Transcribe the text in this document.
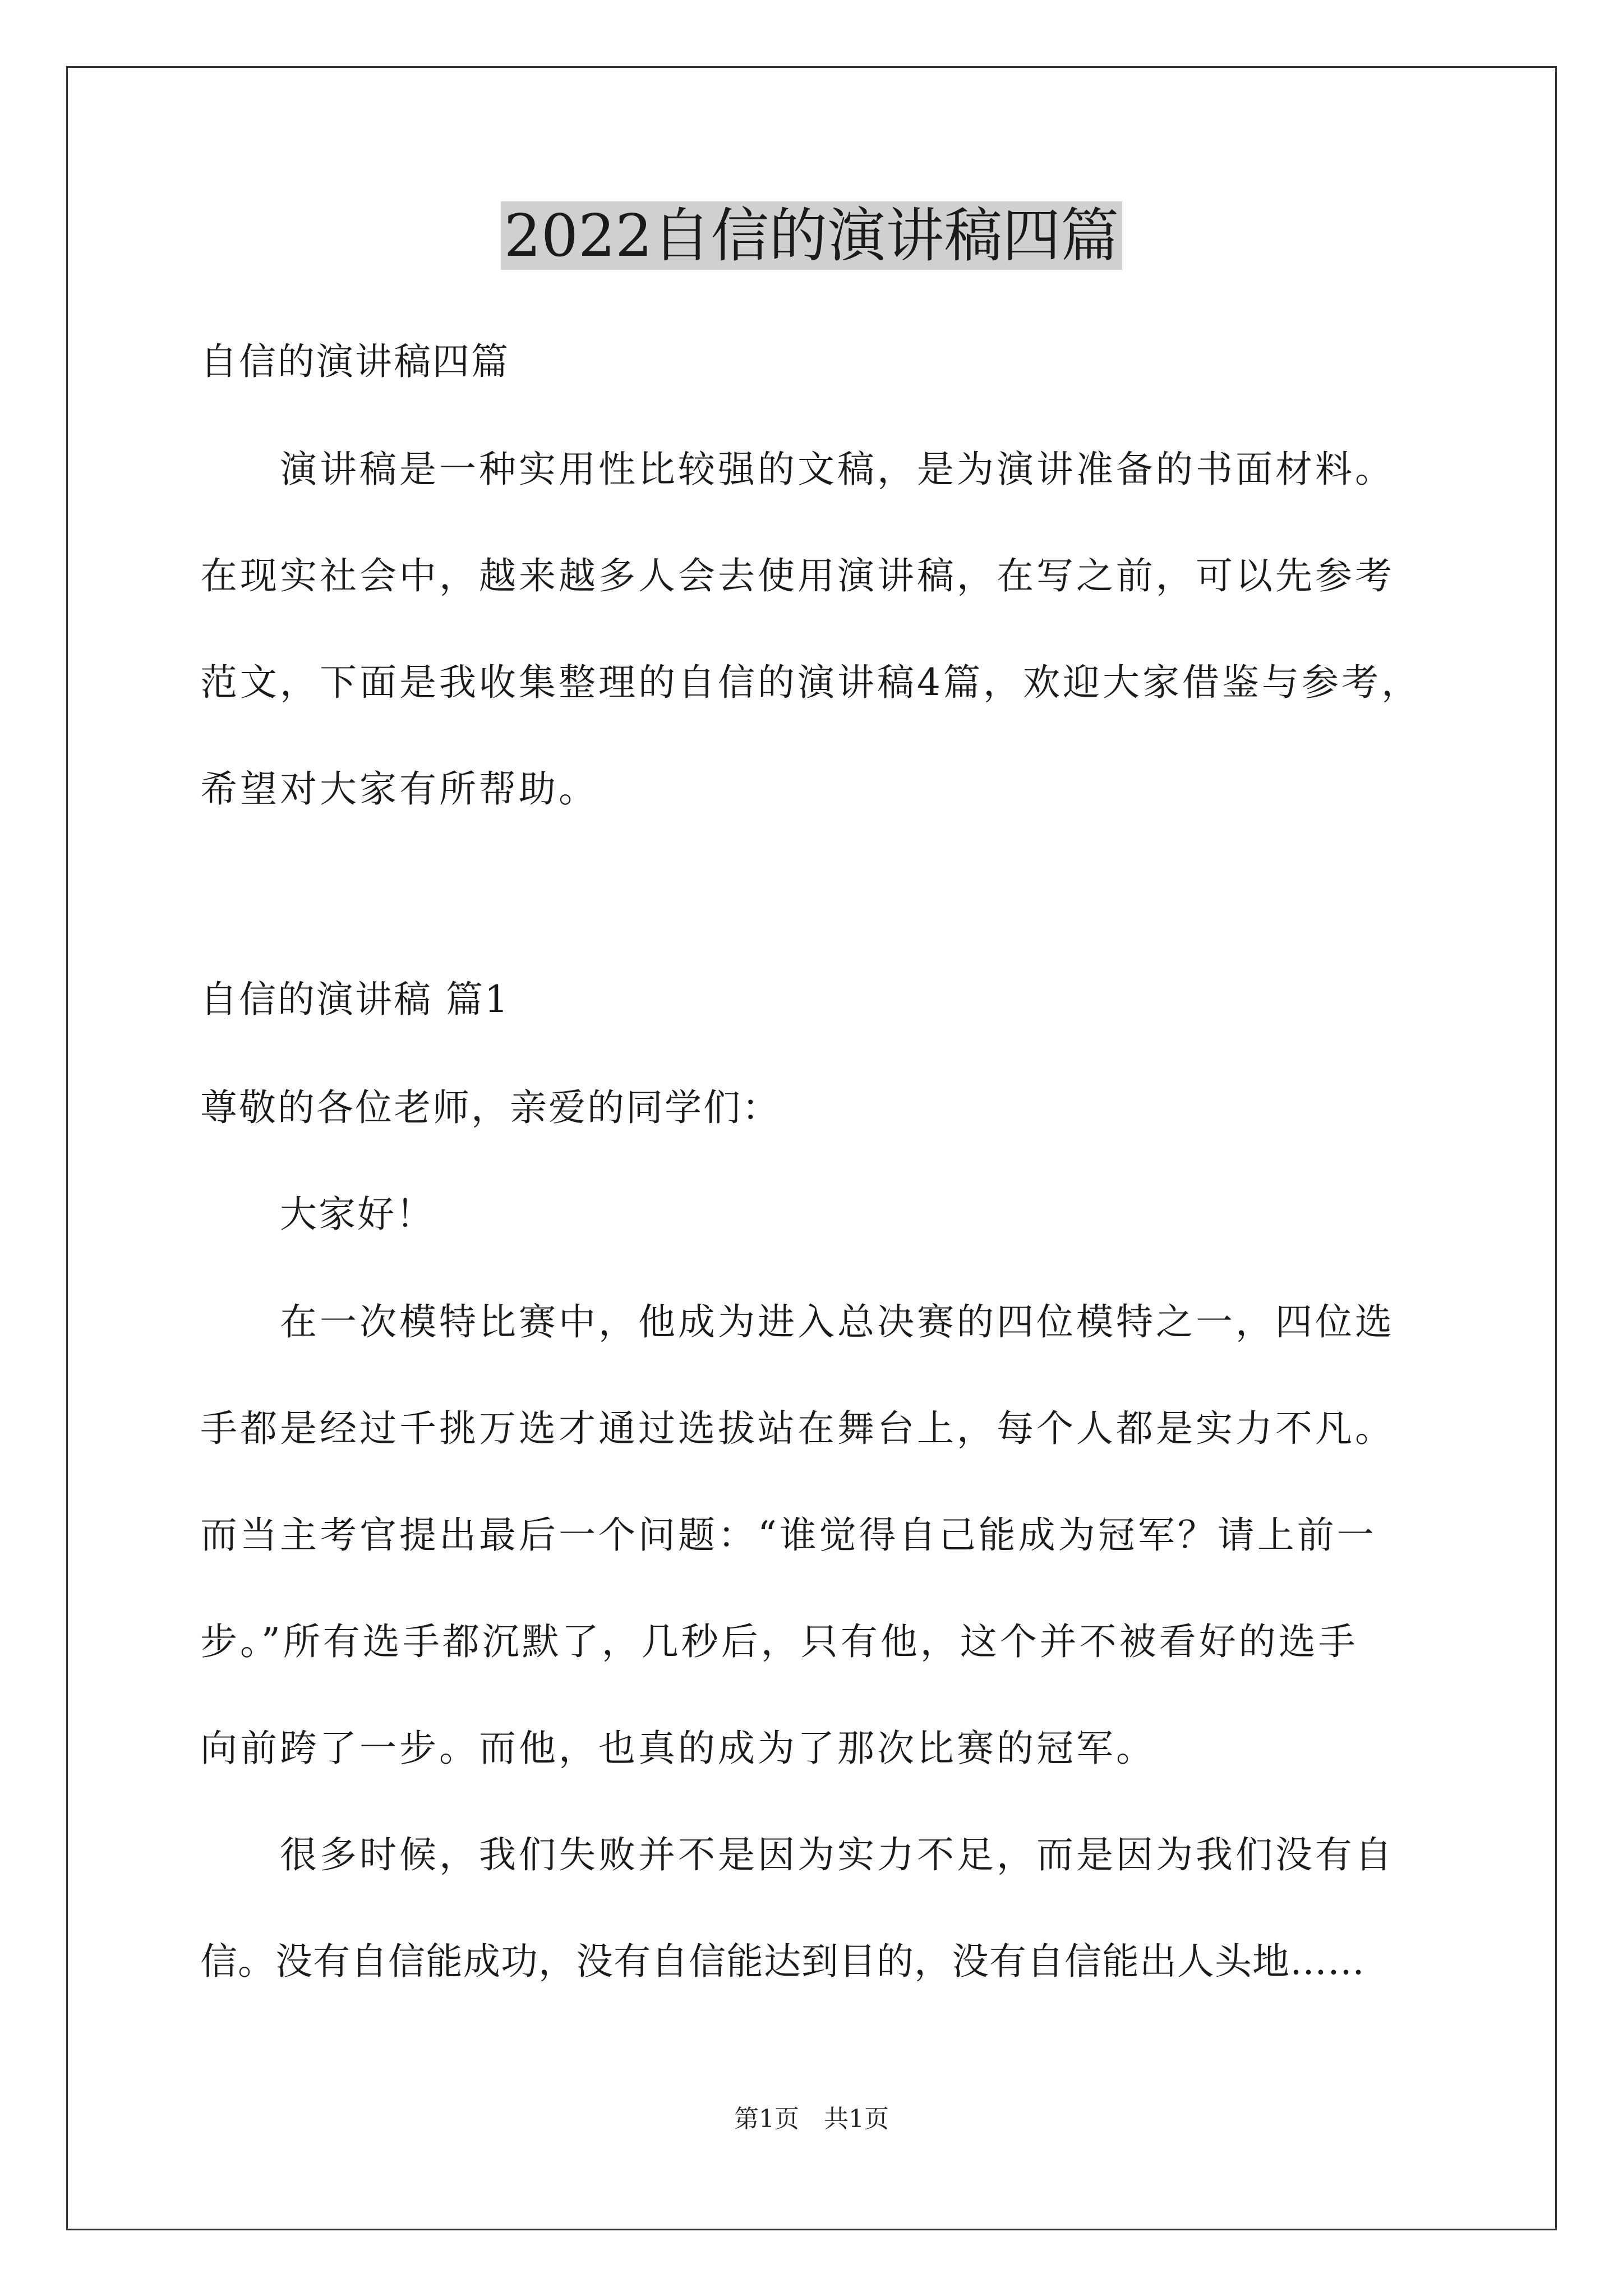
2022自信的演讲稿四篇
自信的演讲稿四篇
演讲稿是一种实用性比较强的文稿，是为演讲准备的书面材料。
在现实社会中，越来越多人会去使用演讲稿，在写之前，可以先参考
范文，下面是我收集整理的自信的演讲稿4篇，欢迎大家借鉴与参考，
希望对大家有所帮助。
自信的演讲稿 篇1
尊敬的各位老师，亲爱的同学们：
大家好！
在一次模特比赛中，他成为进入总决赛的四位模特之一，四位选
手都是经过千挑万选才通过选拔站在舞台上，每个人都是实力不凡。
而当主考官提出最后一个问题：“谁觉得自己能成为冠军？请上前一
步。”所有选手都沉默了，几秒后，只有他，这个并不被看好的选手
向前跨了一步。而他，也真的成为了那次比赛的冠军。
很多时候，我们失败并不是因为实力不足，而是因为我们没有自
信。没有自信能成功，没有自信能达到目的，没有自信能出人头地……
第1页　共1页
